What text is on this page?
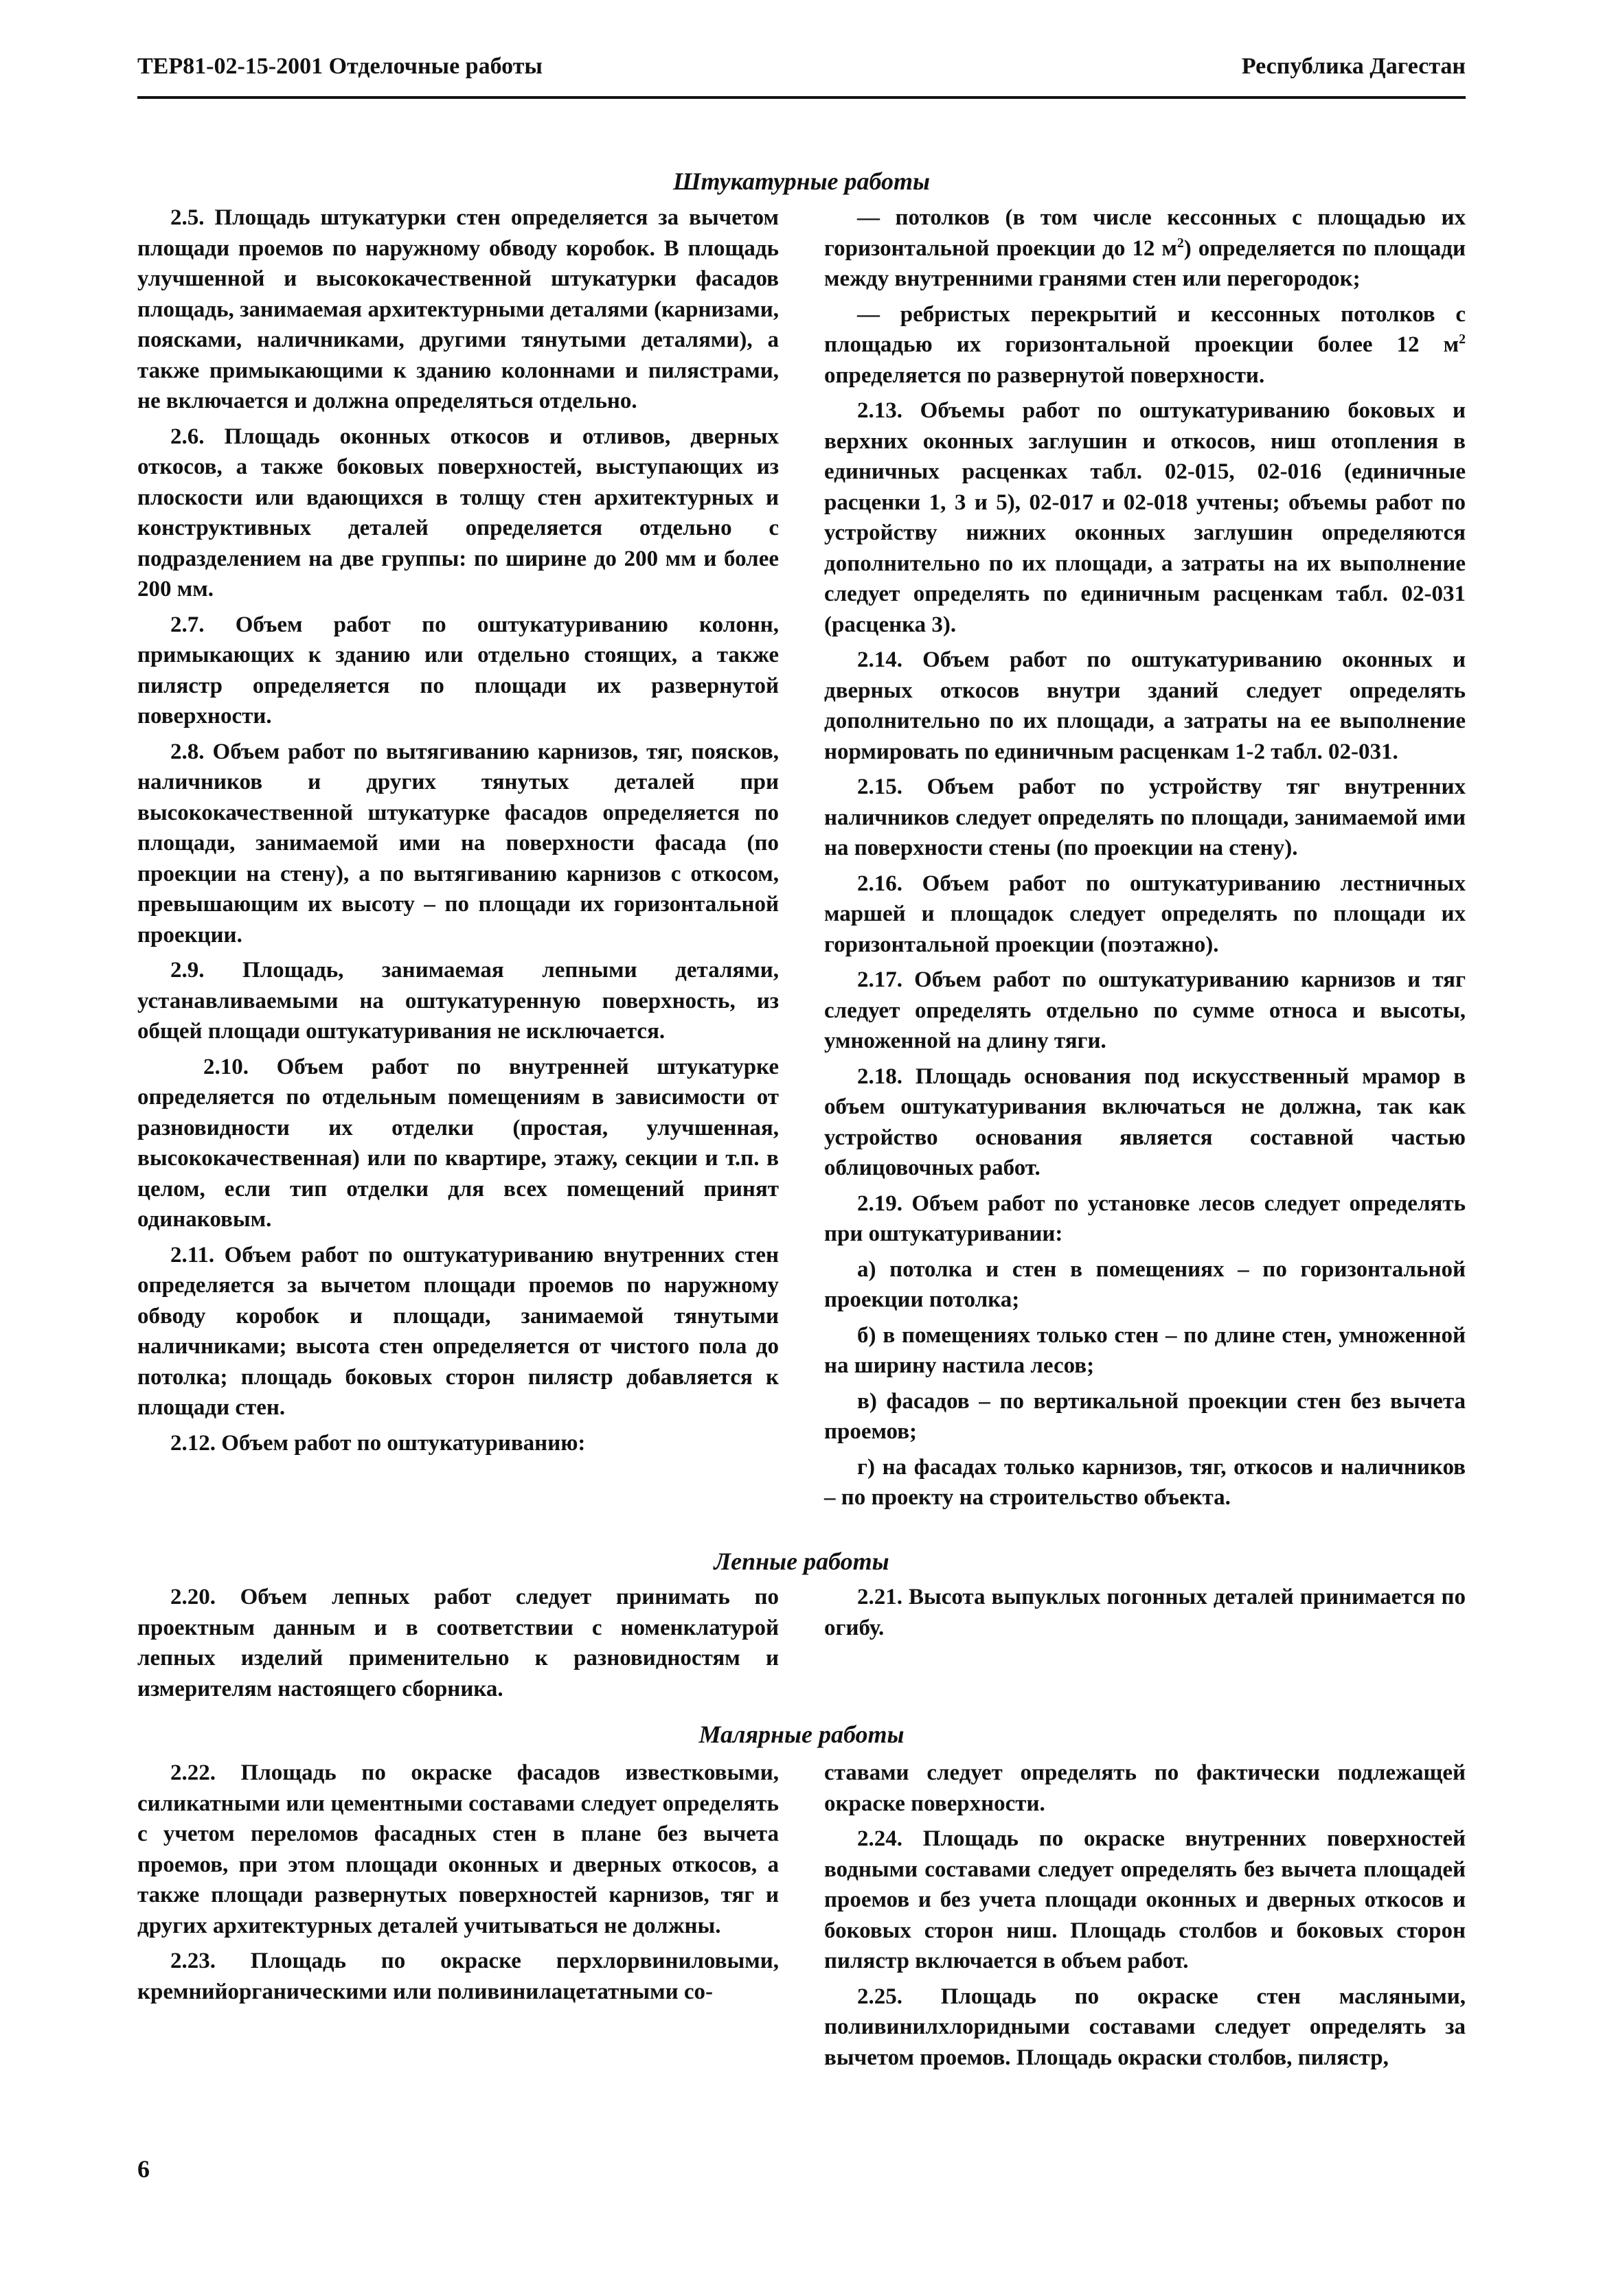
ТЕР81-02-15-2001 Отделочные работы	Республика Дагестан
Штукатурные работы

2.5. Площадь штукатурки стен определяется за вычетом площади проемов по наружному обводу коробок. В площадь улучшенной и высококачественной штукатурки фасадов площадь, занимаемая архитектурными деталями (карнизами, поясками, наличниками, другими тянутыми деталями), а также примыкающими к зданию колоннами и пилястрами, не включается и должна определяться отдельно.

2.6. Площадь оконных откосов и отливов, дверных откосов, а также боковых поверхностей, выступающих из плоскости или вдающихся в толщу стен архитектурных и конструктивных деталей определяется отдельно с подразделением на две группы: по ширине до 200 мм и более 200 мм.

2.7. Объем работ по оштукатуриванию колонн, примыкающих к зданию или отдельно стоящих, а также пилястр определяется по площади их развернутой поверхности.

2.8. Объем работ по вытягиванию карнизов, тяг, поясков, наличников и других тянутых деталей при высококачественной штукатурке фасадов определяется по площади, занимаемой ими на поверхности фасада (по проекции на стену), а по вытягиванию карнизов с откосом, превышающим их высоту – по площади их горизонтальной проекции.

2.9. Площадь, занимаемая лепными деталями, устанавливаемыми на оштукатуренную поверхность, из общей площади оштукатуривания не исключается.

2.10. Объем работ по внутренней штукатурке определяется по отдельным помещениям в зависимости от разновидности их отделки (простая, улучшенная, высококачественная) или по квартире, этажу, секции и т.п. в целом, если тип отделки для всех помещений принят одинаковым.

2.11. Объем работ по оштукатуриванию внутренних стен определяется за вычетом площади проемов по наружному обводу коробок и площади, занимаемой тянутыми наличниками; высота стен определяется от чистого пола до потолка; площадь боковых сторон пилястр добавляется к площади стен.

2.12. Объем работ по оштукатуриванию:

— потолков (в том числе кессонных с площадью их горизонтальной проекции до 12 $м^2$) определяется по площади между внутренними гранями стен или перегородок;

— ребристых перекрытий и кессонных потолков с площадью их горизонтальной проекции более 12 $м^2$ определяется по развернутой поверхности.

2.13. Объемы работ по оштукатуриванию боковых и верхних оконных заглушин и откосов, ниш отопления в единичных расценках табл. 02-015, 02-016 (единичные расценки 1, 3 и 5), 02-017 и 02-018 учтены; объемы работ по устройству нижних оконных заглушин определяются дополнительно по их площади, а затраты на их выполнение следует определять по единичным расценкам табл. 02-031 (расценка 3).

2.14. Объем работ по оштукатуриванию оконных и дверных откосов внутри зданий следует определять дополнительно по их площади, а затраты на ее выполнение нормировать по единичным расценкам 1-2 табл. 02-031.

2.15. Объем работ по устройству тяг внутренних наличников следует определять по площади, занимаемой ими на поверхности стены (по проекции на стену).

2.16. Объем работ по оштукатуриванию лестничных маршей и площадок следует определять по площади их горизонтальной проекции (поэтажно).

2.17. Объем работ по оштукатуриванию карнизов и тяг следует определять отдельно по сумме относа и высоты, умноженной на длину тяги.

2.18. Площадь основания под искусственный мрамор в объем оштукатуривания включаться не должна, так как устройство основания является составной частью облицовочных работ.

2.19. Объем работ по установке лесов следует определять при оштукатуривании:

а) потолка и стен в помещениях – по горизонтальной проекции потолка;

б) в помещениях только стен – по длине стен, умноженной на ширину настила лесов;

в) фасадов – по вертикальной проекции стен без вычета проемов;

г) на фасадах только карнизов, тяг, откосов и наличников – по проекту на строительство объекта.

Лепные работы

2.20. Объем лепных работ следует принимать по проектным данным и в соответствии с номенклатурой лепных изделий применительно к разновидностям и измерителям настоящего сборника.

2.21. Высота выпуклых погонных деталей принимается по огибу.

Малярные работы

2.22. Площадь по окраске фасадов известковыми, силикатными или цементными составами следует определять с учетом переломов фасадных стен в плане без вычета проемов, при этом площади оконных и дверных откосов, а также площади развернутых поверхностей карнизов, тяг и других архитектурных деталей учитываться не должны.

2.23. Площадь по окраске перхлорвиниловыми, кремнийорганическими или поливинилацетатными со-

ставами следует определять по фактически подлежащей окраске поверхности.

2.24. Площадь по окраске внутренних поверхностей водными составами следует определять без вычета площадей проемов и без учета площади оконных и дверных откосов и боковых сторон ниш. Площадь столбов и боковых сторон пилястр включается в объем работ.

2.25. Площадь по окраске стен масляными, поливинилхлоридными составами следует определять за вычетом проемов. Площадь окраски столбов, пилястр,

6
